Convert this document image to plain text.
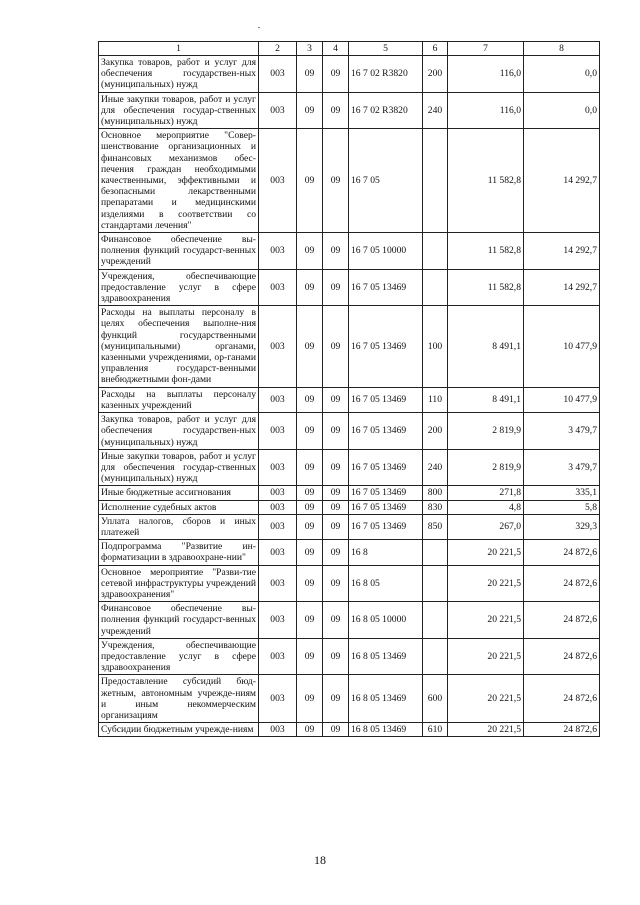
1	2	3	4	5	6	7	8
Закупка товаров, работ и услуг для обеспечения государствен-ных (муниципальных) нужд	003	09	09	16 7 02 R3820	200	116,0	0,0
Иные закупки товаров, работ и услуг для обеспечения государ-ственных (муниципальных) нужд	003	09	09	16 7 02 R3820	240	116,0	0,0
Основное мероприятие "Совер-шенствование организационных и финансовых механизмов обес-печения граждан необходимыми качественными, эффективными и безопасными лекарственными препаратами и медицинскими изделиями в соответствии со стандартами лечения"	003	09	09	16 7 05		11 582,8	14 292,7
Финансовое обеспечение вы-полнения функций государст-венных учреждений	003	09	09	16 7 05 10000		11 582,8	14 292,7
Учреждения, обеспечивающие предоставление услуг в сфере здравоохранения	003	09	09	16 7 05 13469		11 582,8	14 292,7
Расходы на выплаты персоналу в целях обеспечения выполне-ния функций государственными (муниципальными) органами, казенными учреждениями, ор-ганами управления государст-венными внебюджетными фон-дами	003	09	09	16 7 05 13469	100	8 491,1	10 477,9
Расходы на выплаты персоналу казенных учреждений	003	09	09	16 7 05 13469	110	8 491,1	10 477,9
Закупка товаров, работ и услуг для обеспечения государствен-ных (муниципальных) нужд	003	09	09	16 7 05 13469	200	2 819,9	3 479,7
Иные закупки товаров, работ и услуг для обеспечения государ-ственных (муниципальных) нужд	003	09	09	16 7 05 13469	240	2 819,9	3 479,7
Иные бюджетные ассигнования	003	09	09	16 7 05 13469	800	271,8	335,1
Исполнение судебных актов	003	09	09	16 7 05 13469	830	4,8	5,8
Уплата налогов, сборов и иных платежей	003	09	09	16 7 05 13469	850	267,0	329,3
Подпрограмма "Развитие ин-форматизации в здравоохране-нии"	003	09	09	16 8		20 221,5	24 872,6
Основное мероприятие "Разви-тие сетевой инфраструктуры учреждений здравоохранения"	003	09	09	16 8 05		20 221,5	24 872,6
Финансовое обеспечение вы-полнения функций государст-венных учреждений	003	09	09	16 8 05 10000		20 221,5	24 872,6
Учреждения, обеспечивающие предоставление услуг в сфере здравоохранения	003	09	09	16 8 05 13469		20 221,5	24 872,6
Предоставление субсидий бюд-жетным, автономным учрежде-ниям и иным некоммерческим организациям	003	09	09	16 8 05 13469	600	20 221,5	24 872,6
Субсидии бюджетным учрежде-ниям	003	09	09	16 8 05 13469	610	20 221,5	24 872,6
18
